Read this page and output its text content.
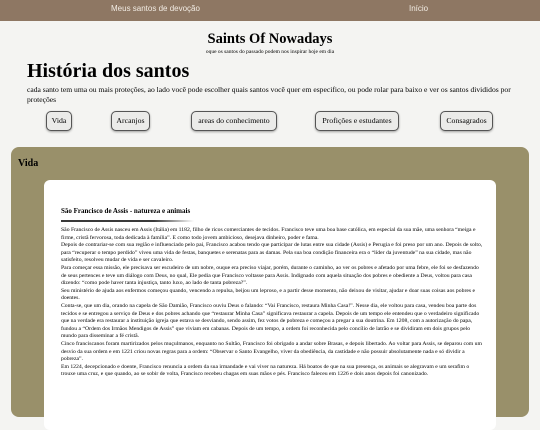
Meus santos de devoção	Início
Saints Of Nowadays
oque os santos do passado podem nos inspirar hoje em dia
História dos santos
cada santo tem uma ou mais proteções, ao lado você pode escolher quais santos você quer em especifico, ou pode rolar para baixo e ver os santos divididos por proteções
Vida	Arcanjos	areas do conhecimento	Profições e estudantes	Consagrados
Vida
São Francisco de Assis - natureza e animais

São Francisco de Assis nasceu em Assis (Itália) em 1182, filho de ricos comerciantes de tecidos. Francisco teve uma boa base católica, em especial da sua mãe, uma senhora “meiga e firme, cristã fervorosa, toda dedicada à família”. E como todo jovem ambicioso, desejava dinheiro, poder e fama.

Depois de contrariar-se com sua região e influenciado pelo pai, Francisco acabou tendo que participar de lutas entre sua cidade (Assis) e Perugia e foi preso por um ano. Depois de solto, para “recuperar o tempo perdido” viveu uma vida de festas, banquetes e serenatas para as damas. Pela sua boa condição financeira era o “líder da juventude” na sua cidade, mas não satisfeito, resolveu mudar de vida e ser cavaleiro.

Para começar essa missão, ele precisava ser escudeiro de um nobre, ouque era preciso viajar, porém, durante o caminho, ao ver os pobres e afetado por uma febre, ele foi se desfazendo de seus pertences e teve um diálogo com Deus, no qual, Ele pedia que Francisco voltasse para Assis. Indignado com aquela situação dos pobres e obediente a Deus, voltou para casa dizendo: “como pode haver tanta injustiça, tanto luxo, ao lado de tanta pobreza?”.

Seu ministério de ajuda aos enfermos começou quando, vencendo a repulsa, beijou um leproso, e a partir desse momento, não deixou de visitar, ajudar e doar suas coisas aos pobres e doentes.

Conta-se, que um dia, orando na capela de São Damião, Francisco ouviu Deus o falando: “Vai Francisco, restaura Minha Casa!”. Nesse dia, ele voltou para casa, vendeu boa parte dos tecidos e se entregou a serviço de Deus e dos pobres achando que “restaurar Minha Casa” significava restaurar a capela. Depois de um tempo ele entendeu que o verdadeiro significado que na verdade era restaurar a instituição igreja que estava se desviando, sendo assim, fez votos de pobreza e começou a pregar a sua doutrina. Em 1208, com a autorização do papa, fundou a “Ordem dos Irmãos Mendigos de Assis” que viviam em cabanas. Depois de um tempo, a ordem foi reconhecida pelo concílio de latrão e se dividiram em dois grupos pelo mundo para disseminar a fé cristã.

Cinco franciscanos foram martirizados pelos muçulmanos, enquanto no Sultão, Francisco foi obrigado a andar sobre Brasas, e depois libertado. Ao voltar para Assis, se deparou com um desvio da sua ordem e em 1221 criou novas regras para a ordem: “Observar o Santo Evangelho, viver da obediência, da castidade e não possuir absolutamente nada e só dividir a pobreza”.

Em 1224, decepcionado e doente, Francisco renuncia a ordem da sua irmandade e vai viver na natureza. Há boatos de que na sua presença, os animais se alegravam e um serafim o trouxe uma cruz, e que quando, ao se sobir de volta, Francisco recebeu chagas em suas mãos e pés. Francisco faleceu em 1226 e dois anos depois foi canonizado.
